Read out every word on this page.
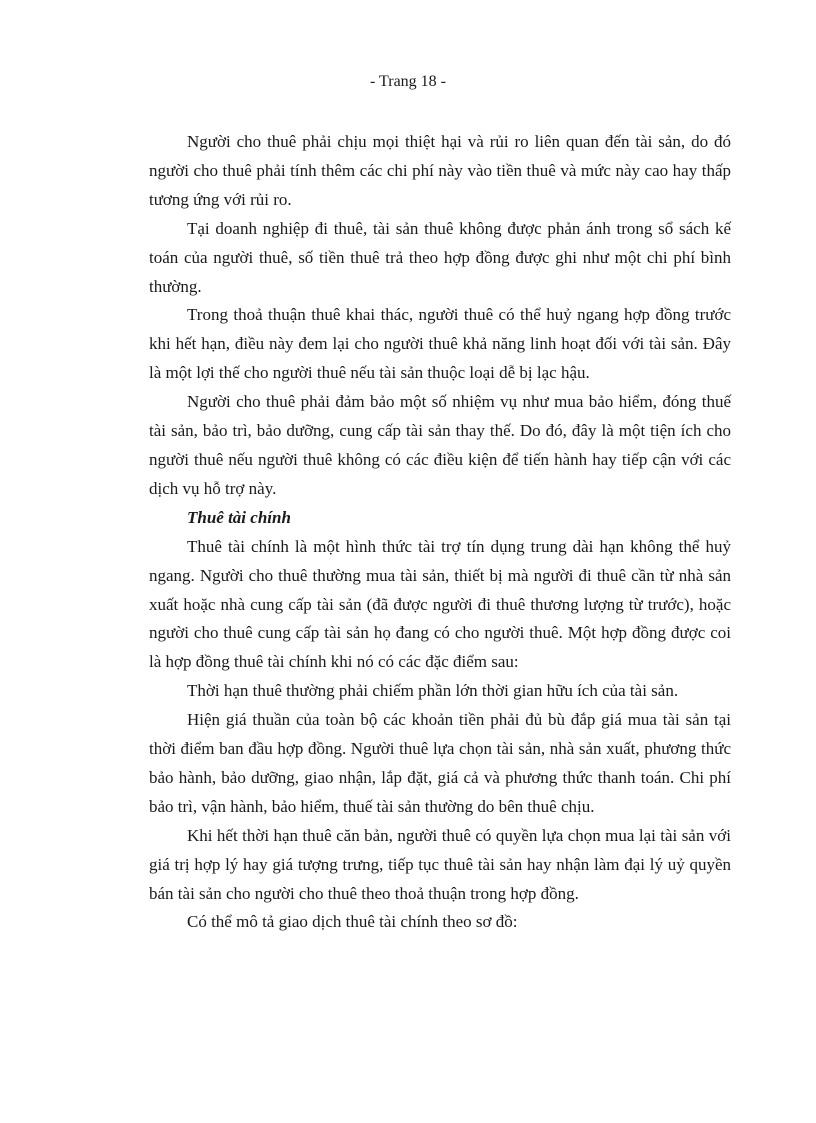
- Trang 18 -

Người cho thuê phải chịu mọi thiệt hại và rủi ro liên quan đến tài sản, do đó người cho thuê phải tính thêm các chi phí này vào tiền thuê và mức này cao hay thấp tương ứng với rủi ro.

Tại doanh nghiệp đi thuê, tài sản thuê không được phản ánh trong sổ sách kế toán của người thuê, số tiền thuê trả theo hợp đồng được ghi như một chi phí bình thường.

Trong thoả thuận thuê khai thác, người thuê có thể huỷ ngang hợp đồng trước khi hết hạn, điều này đem lại cho người thuê khả năng linh hoạt đối với tài sản. Đây là một lợi thế cho người thuê nếu tài sản thuộc loại dễ bị lạc hậu.

Người cho thuê phải đảm bảo một số nhiệm vụ như mua bảo hiểm, đóng thuế tài sản, bảo trì, bảo dưỡng, cung cấp tài sản thay thế. Do đó, đây là một tiện ích cho người thuê nếu người thuê không có các điều kiện để tiến hành hay tiếp cận với các dịch vụ hỗ trợ này.

Thuê tài chính

Thuê tài chính là một hình thức tài trợ tín dụng trung dài hạn không thể huỷ ngang. Người cho thuê thường mua tài sản, thiết bị mà người đi thuê cần từ nhà sản xuất hoặc nhà cung cấp tài sản (đã được người đi thuê thương lượng từ trước), hoặc người cho thuê cung cấp tài sản họ đang có cho người thuê. Một hợp đồng được coi là hợp đồng thuê tài chính khi nó có các đặc điểm sau:

Thời hạn thuê thường phải chiếm phần lớn thời gian hữu ích của tài sản.

Hiện giá thuần của toàn bộ các khoản tiền phải đủ bù đắp giá mua tài sản tại thời điểm ban đầu hợp đồng. Người thuê lựa chọn tài sản, nhà sản xuất, phương thức bảo hành, bảo dưỡng, giao nhận, lắp đặt, giá cả và phương thức thanh toán. Chi phí bảo trì, vận hành, bảo hiểm, thuế tài sản thường do bên thuê chịu.

Khi hết thời hạn thuê căn bản, người thuê có quyền lựa chọn mua lại tài sản với giá trị hợp lý hay giá tượng trưng, tiếp tục thuê tài sản hay nhận làm đại lý uỷ quyền bán tài sản cho người cho thuê theo thoả thuận trong hợp đồng.

Có thể mô tả giao dịch thuê tài chính theo sơ đồ:
